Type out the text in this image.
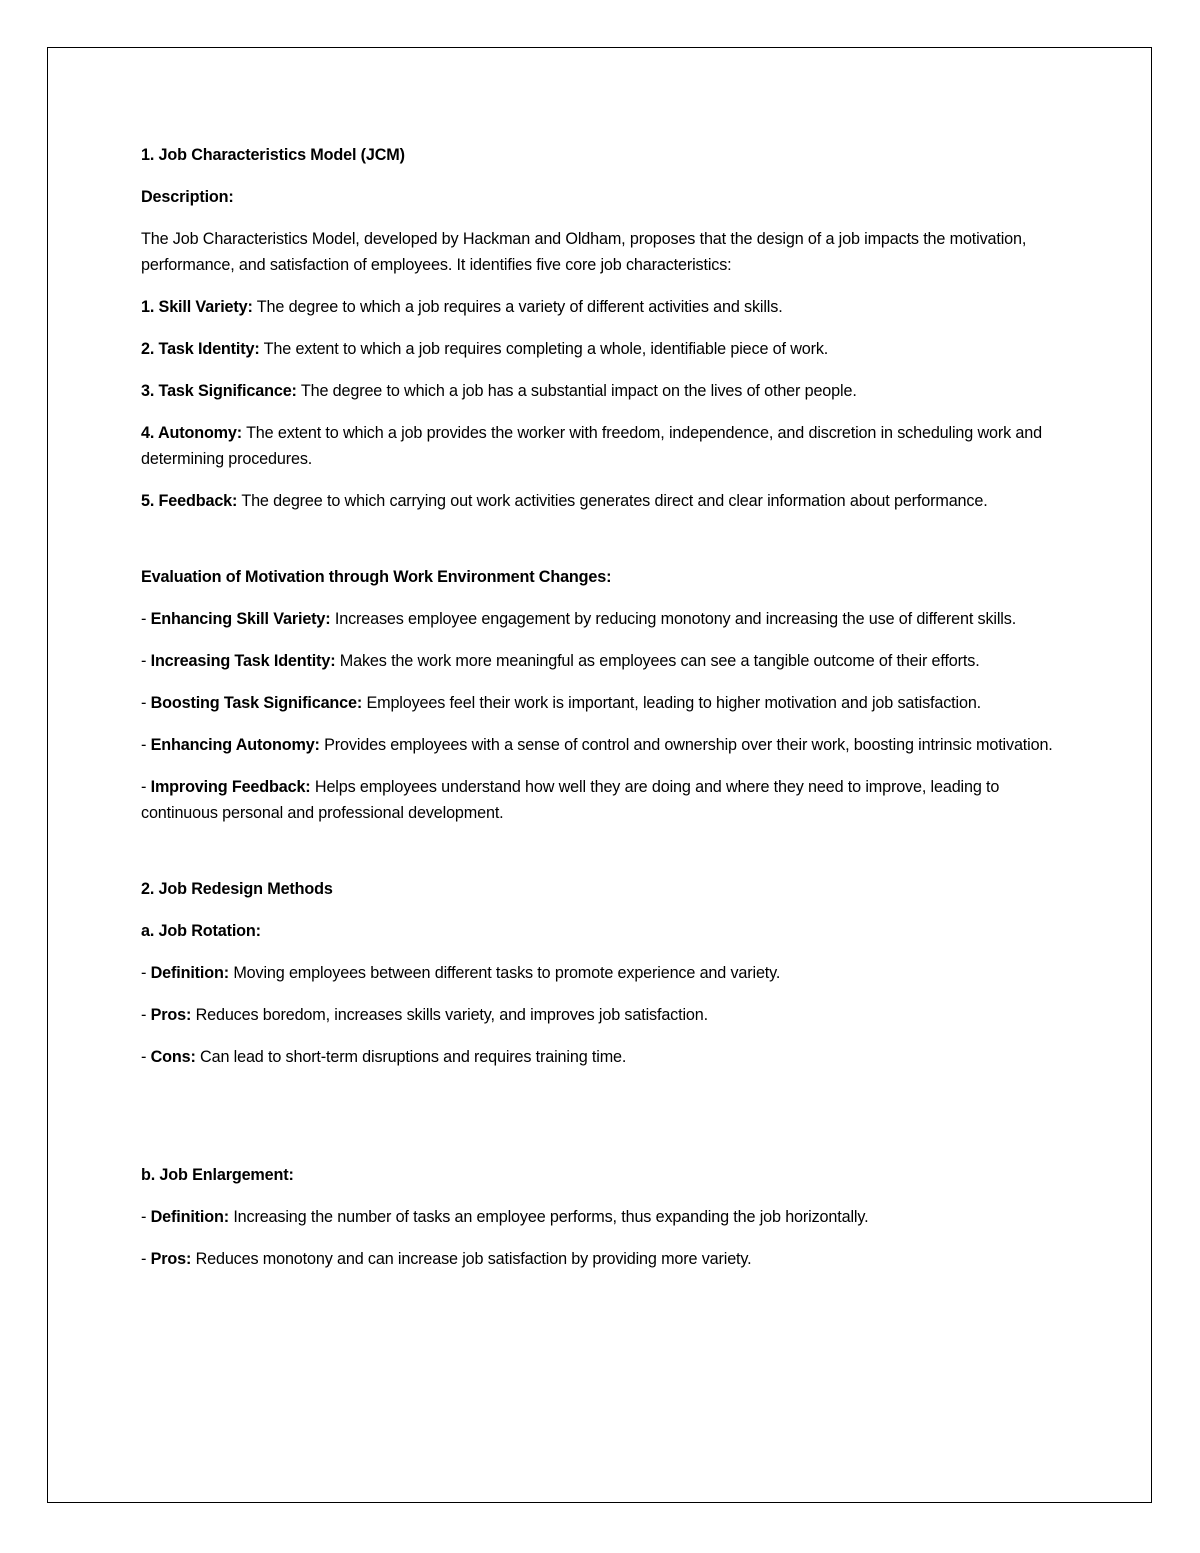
1. Job Characteristics Model (JCM)

Description:

The Job Characteristics Model, developed by Hackman and Oldham, proposes that the design of a job impacts the motivation, performance, and satisfaction of employees. It identifies five core job characteristics:

1. Skill Variety: The degree to which a job requires a variety of different activities and skills.

2. Task Identity: The extent to which a job requires completing a whole, identifiable piece of work.

3. Task Significance: The degree to which a job has a substantial impact on the lives of other people.

4. Autonomy: The extent to which a job provides the worker with freedom, independence, and discretion in scheduling work and determining procedures.

5. Feedback: The degree to which carrying out work activities generates direct and clear information about performance.

Evaluation of Motivation through Work Environment Changes:

- Enhancing Skill Variety: Increases employee engagement by reducing monotony and increasing the use of different skills.

- Increasing Task Identity: Makes the work more meaningful as employees can see a tangible outcome of their efforts.

- Boosting Task Significance: Employees feel their work is important, leading to higher motivation and job satisfaction.

- Enhancing Autonomy: Provides employees with a sense of control and ownership over their work, boosting intrinsic motivation.

- Improving Feedback: Helps employees understand how well they are doing and where they need to improve, leading to continuous personal and professional development.

2. Job Redesign Methods

a. Job Rotation:

- Definition: Moving employees between different tasks to promote experience and variety.

- Pros: Reduces boredom, increases skills variety, and improves job satisfaction.

- Cons: Can lead to short-term disruptions and requires training time.

b. Job Enlargement:

- Definition: Increasing the number of tasks an employee performs, thus expanding the job horizontally.

- Pros: Reduces monotony and can increase job satisfaction by providing more variety.
